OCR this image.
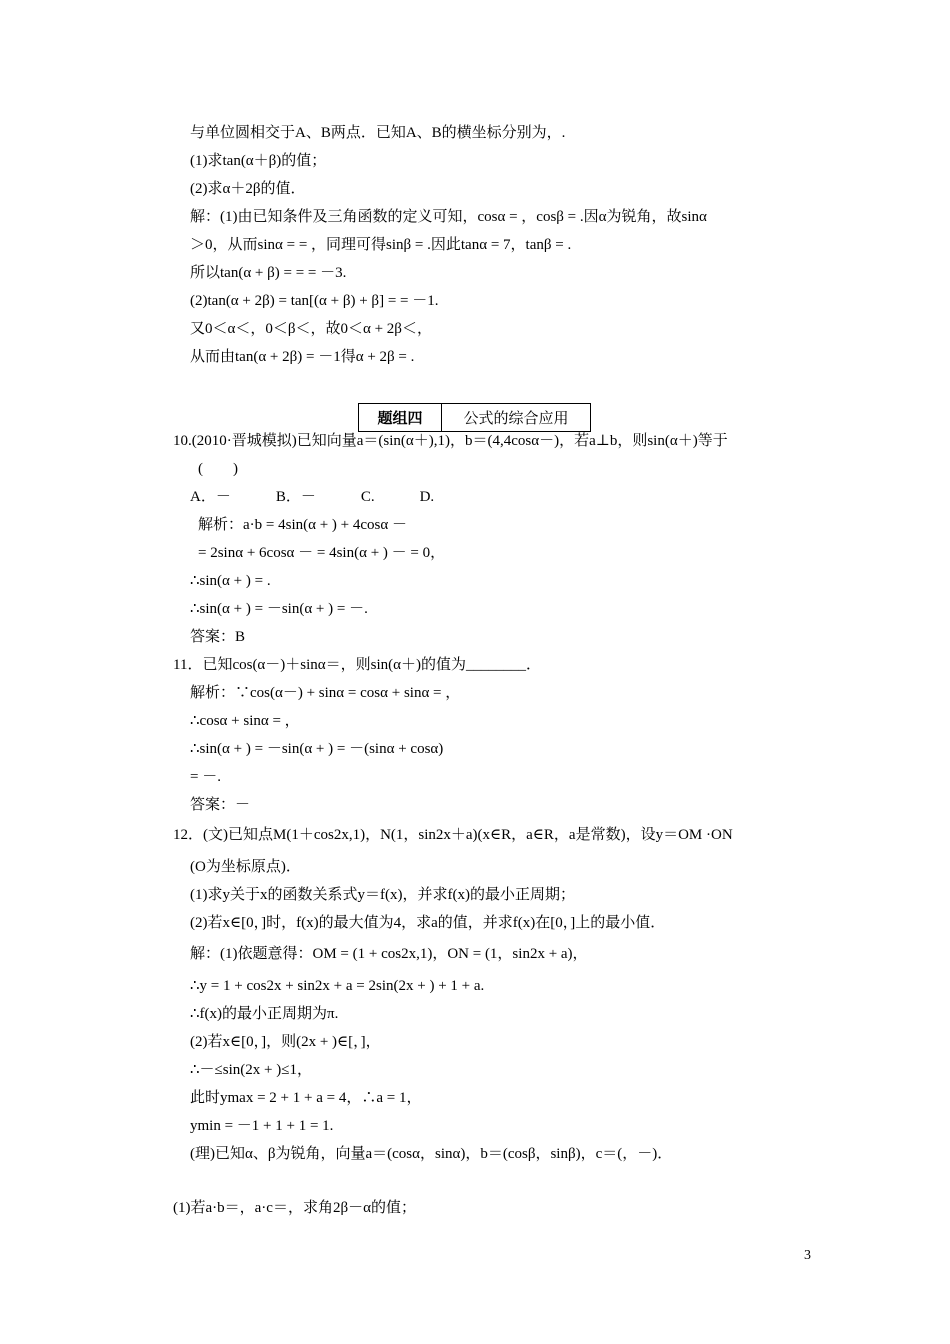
与单位圆相交于A、B两点．已知A、B的横坐标分别为，.
(1)求tan(α＋β)的值；
(2)求α＋2β的值．
解：(1)由已知条件及三角函数的定义可知，cosα = ，cosβ = .因α为锐角，故sinα
＞0，从而sinα = = ，同理可得sinβ = .因此tanα = 7，tanβ = .
所以tan(α + β) = = = －3.
(2)tan(α + 2β) = tan[(α + β) + β] = = －1.
又0＜α＜，0＜β＜，故0＜α + 2β＜，
从而由tan(α + 2β) = －1得α + 2β = .
题组四	公式的综合应用
10.(2010·晋城模拟)已知向量a＝(sin(α＋),1)，b＝(4,4cosα－)，若a⊥b，则sin(α＋)等于
(　　)
A．－　　　B．－　　　C.　　　D.
解析：a·b = 4sin(α + ) + 4cosα －
= 2sinα + 6cosα － = 4sin(α + ) － = 0，
∴sin(α + ) = .
∴sin(α + ) = －sin(α + ) = －.
答案：B
11．已知cos(α－)＋sinα＝，则sin(α＋)的值为________．
解析：∵cos(α－) + sinα = cosα + sinα = ，
∴cosα + sinα = ，
∴sin(α + ) = －sin(α + ) = －(sinα + cosα)
= －.
答案：－
12．(文)已知点M(1＋cos2x,1)，N(1，sin2x＋a)(x∈R，a∈R，a是常数)，设y＝OM ·ON
(O为坐标原点)．
(1)求y关于x的函数关系式y＝f(x)，并求f(x)的最小正周期；
(2)若x∈[0，]时，f(x)的最大值为4，求a的值，并求f(x)在[0，]上的最小值．
解：(1)依题意得：OM = (1 + cos2x,1)，ON = (1，sin2x + a)，
∴y = 1 + cos2x + sin2x + a = 2sin(2x + ) + 1 + a.
∴f(x)的最小正周期为π.
(2)若x∈[0，]，则(2x + )∈[，]，
∴－≤sin(2x + )≤1，
此时ymax = 2 + 1 + a = 4，∴a = 1，
ymin = －1 + 1 + 1 = 1.
(理)已知α、β为锐角，向量a＝(cosα，sinα)，b＝(cosβ，sinβ)，c＝(，－)．
(1)若a·b＝，a·c＝，求角2β－α的值；
3
